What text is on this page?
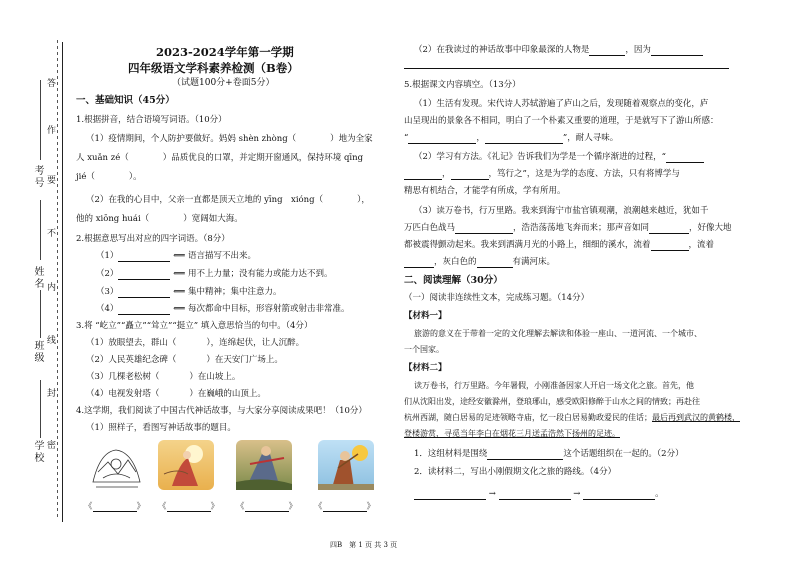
学校
班级
姓名
考号
答
作
要
不
内
线
封
密
2023-2024学年第一学期
四年级语文学科素养检测（B卷）
（试题100分+卷面5分）
一、基础知识（45分）
1.根据拼音，结合语境写词语。（10分）
（1）疫情期间，个人防护要做好。妈妈 shèn zhòng（	）地为全家
人 xuǎn zé（	）品质优良的口罩，并定期开窗通风，保持环境 qīng
jié（	）。
（2）在我的心目中，父亲一直都是顶天立地的 yīng　xióng（	），
他的 xiōng huái（	）宽阔如大海。
2.根据意思写出对应的四字词语。（8分）
（1）	⟸ 语言描写不出来。
（2）	⟸ 用不上力量；没有能力或能力达不到。
（3）	⟸ 集中精神；集中注意力。
（4）	⟸ 每次都命中目标，形容射箭或射击非常准。
3.将 “屹立”“矗立”“耸立”“挺立” 填入意思恰当的句中。（4分）
（1）放眼望去，群山（	），连绵起伏，让人沉醉。
（2）人民英雄纪念碑（	）在天安门广场上。
（3）几棵老松树（	）在山坡上。
（4）电视发射塔（	）在巍峨的山顶上。
4.这学期，我们阅读了中国古代神话故事，与大家分享阅读成果吧！（10分）
（1）照样子，看图写神话故事的题目。
《	》 《	》 《	》 《	》
（2）在我读过的神话故事中印象最深的人物是	，因为
5.根据课文内容填空。（13分）
（1）生活有发现。宋代诗人苏轼游遍了庐山之后，发现随着观察点的变化，庐
山呈现出的景象各不相同，明白了一个朴素又重要的道理，于是就写下了游山所感：
“	，	”，耐人寻味。
（2）学习有方法。《礼记》告诉我们为学是一个循序渐进的过程，“
，	，笃行之”，这是为学的态度、方法，只有将博学与
精思有机结合，才能学有所成，学有所用。
（3）读万卷书，行万里路。我来到海宁市盐官镇观潮，浪潮越来越近，犹如千
万匹白色战马	，浩浩荡荡地飞奔而来；那声音如同	，好像大地
都被震得颤动起来。我来到洒满月光的小路上，细细的溪水，流着	，流着
，灰白色的	有满河床。
二、阅读理解（30分）
（一）阅读非连续性文本，完成练习题。（14分）
【材料一】
旅游的意义在于带着一定的文化理解去解读和体验一座山、一道河流、一个城市、
一个国家。
【材料二】
读万卷书，行万里路。今年暑假，小刚准备因家人开启一场文化之旅。首先，他
们从沈阳出发，途经安徽滁州，登琅琊山，感受欧阳修醉于山水之间的情致；再赴往
杭州西湖，随白居易的足迹领略寺庙，忆一段白居易勤政爱民的佳话；最后再到武汉的黄鹤楼，
登楼游赏，寻觅当年李白在烟花三月送孟浩然下扬州的足迹。
1．这组材料是围绕	这个话题组织在一起的。（2分）
2．读材料二，写出小刚假期文化之旅的路线。（4分）
→	→	。
四B　第 1 页 共 3 页
